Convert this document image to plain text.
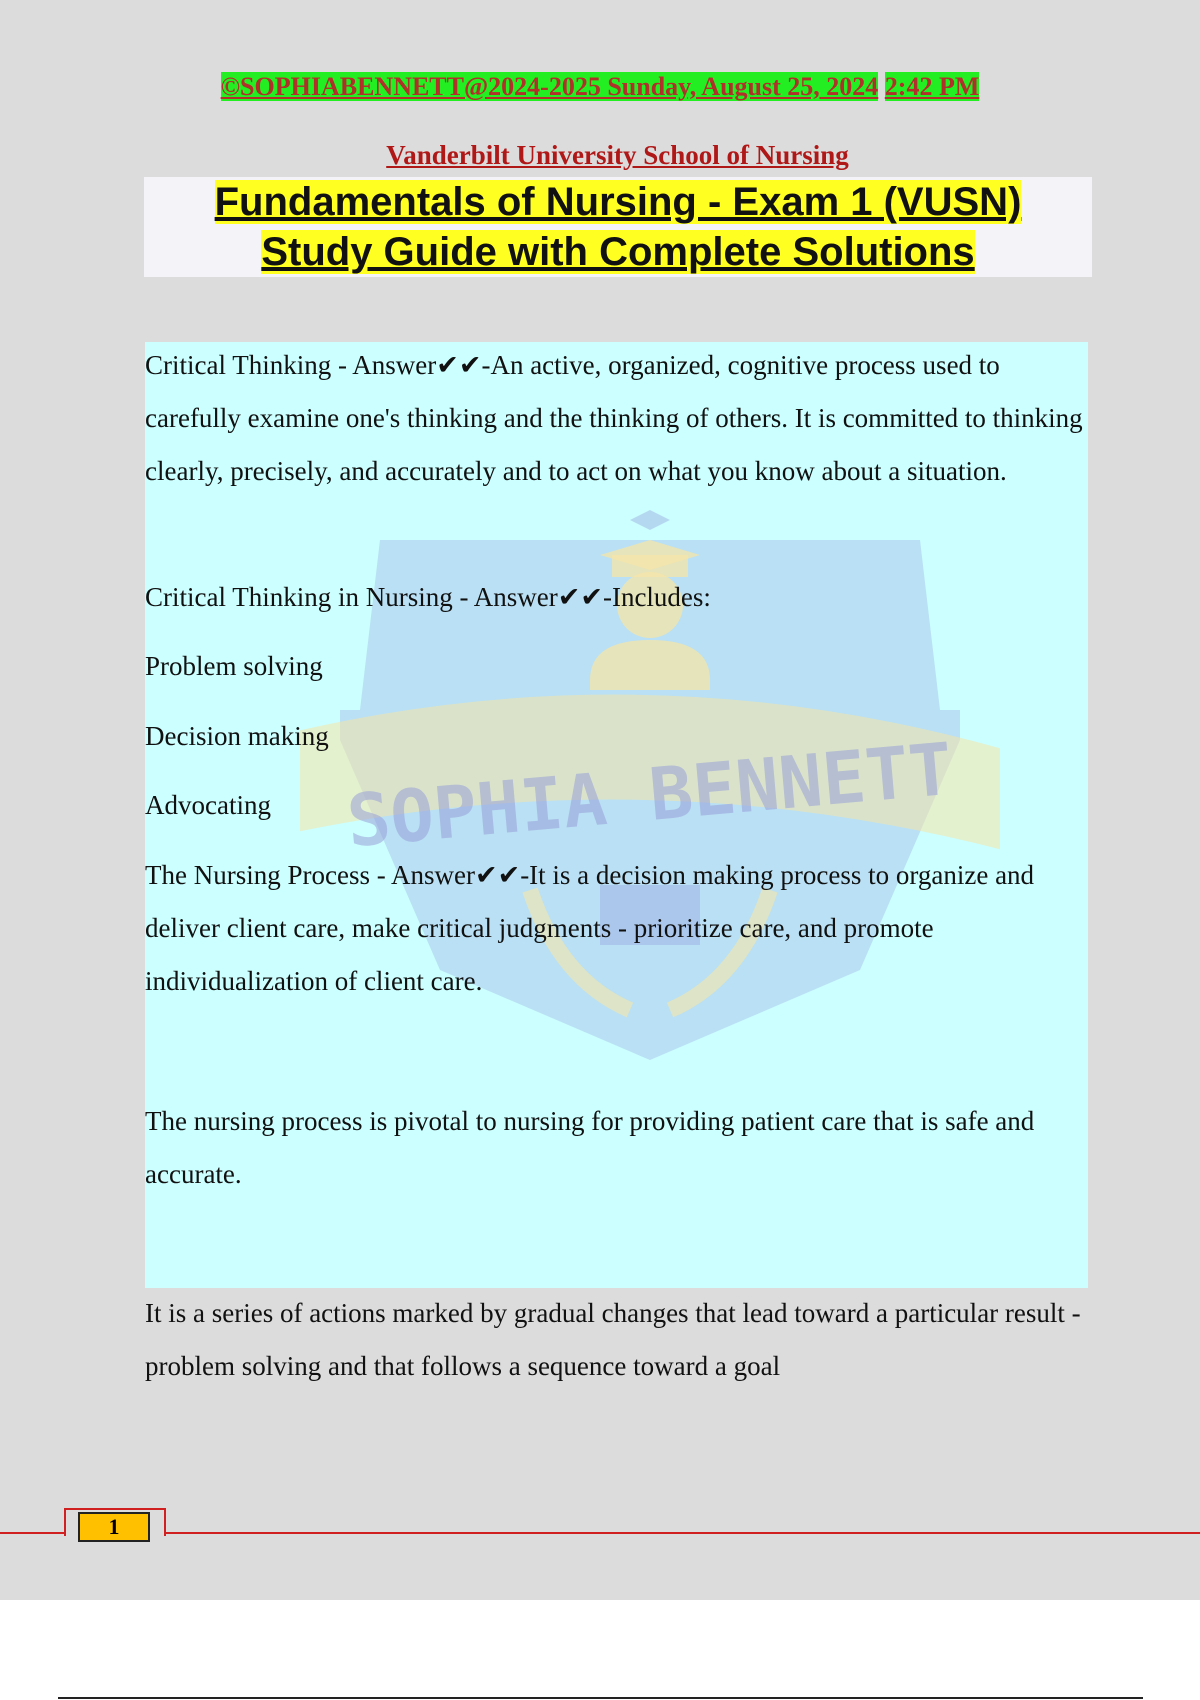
©SOPHIABENNETT@2024-2025 Sunday, August 25, 2024 2:42 PM
Vanderbilt University School of Nursing
Fundamentals of Nursing - Exam 1 (VUSN)
Study Guide with Complete Solutions
SOPHIA BENNETT

Critical Thinking - Answer✔✔-An active, organized, cognitive process used to carefully examine one's thinking and the thinking of others. It is committed to thinking clearly, precisely, and accurately and to act on what you know about a situation.

Critical Thinking in Nursing - Answer✔✔-Includes:

Problem solving

Decision making

Advocating

The Nursing Process - Answer✔✔-It is a decision making process to organize and deliver client care, make critical judgments - prioritize care, and promote individualization of client care.

The nursing process is pivotal to nursing for providing patient care that is safe and accurate.

It is a series of actions marked by gradual changes that lead toward a particular result - problem solving and that follows a sequence toward a goal

1
